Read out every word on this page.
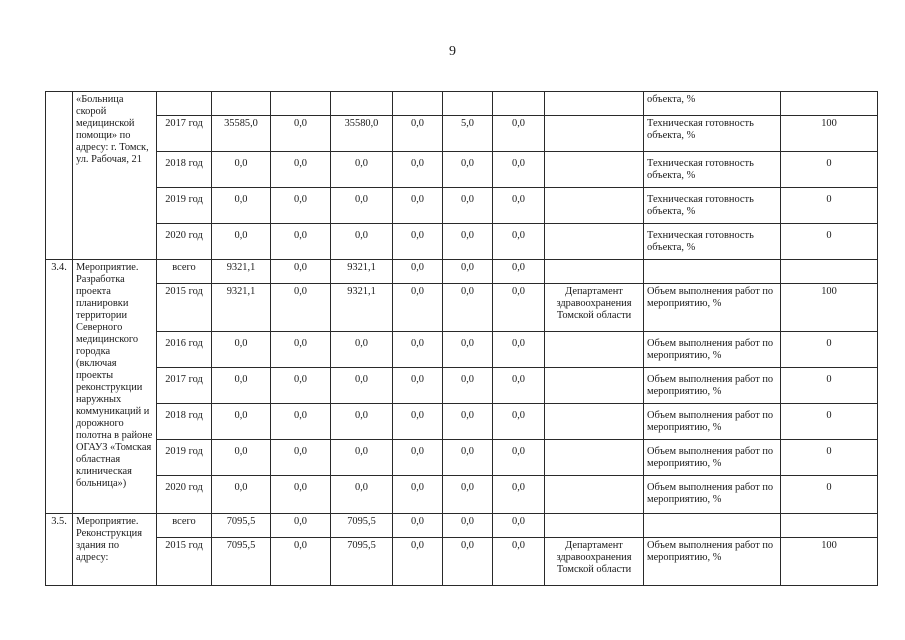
9
	«Больница скорой медицинской помощи» по адресу: г. Томск, ул. Рабочая, 21									объекта, %	
		2017 год	35585,0	0,0	35580,0	0,0	5,0	0,0		Техническая готовность объекта, %	100
		2018 год	0,0	0,0	0,0	0,0	0,0	0,0		Техническая готовность объекта, %	0
		2019 год	0,0	0,0	0,0	0,0	0,0	0,0		Техническая готовность объекта, %	0
		2020 год	0,0	0,0	0,0	0,0	0,0	0,0		Техническая готовность объекта, %	0
3.4.	Мероприятие. Разработка проекта планировки территории Северного медицинского городка (включая проекты реконструкции наружных коммуникаций и дорожного полотна в районе ОГАУЗ «Томская областная клиническая больница»)	всего	9321,1	0,0	9321,1	0,0	0,0	0,0			
		2015 год	9321,1	0,0	9321,1	0,0	0,0	0,0	Департамент здравоохранения Томской области	Объем выполнения работ по мероприятию, %	100
		2016 год	0,0	0,0	0,0	0,0	0,0	0,0		Объем выполнения работ по мероприятию, %	0
		2017 год	0,0	0,0	0,0	0,0	0,0	0,0		Объем выполнения работ по мероприятию, %	0
		2018 год	0,0	0,0	0,0	0,0	0,0	0,0		Объем выполнения работ по мероприятию, %	0
		2019 год	0,0	0,0	0,0	0,0	0,0	0,0		Объем выполнения работ по мероприятию, %	0
		2020 год	0,0	0,0	0,0	0,0	0,0	0,0		Объем выполнения работ по мероприятию, %	0
3.5.	Мероприятие. Реконструкция здания по адресу:	всего	7095,5	0,0	7095,5	0,0	0,0	0,0			
		2015 год	7095,5	0,0	7095,5	0,0	0,0	0,0	Департамент здравоохранения Томской области	Объем выполнения работ по мероприятию, %	100
